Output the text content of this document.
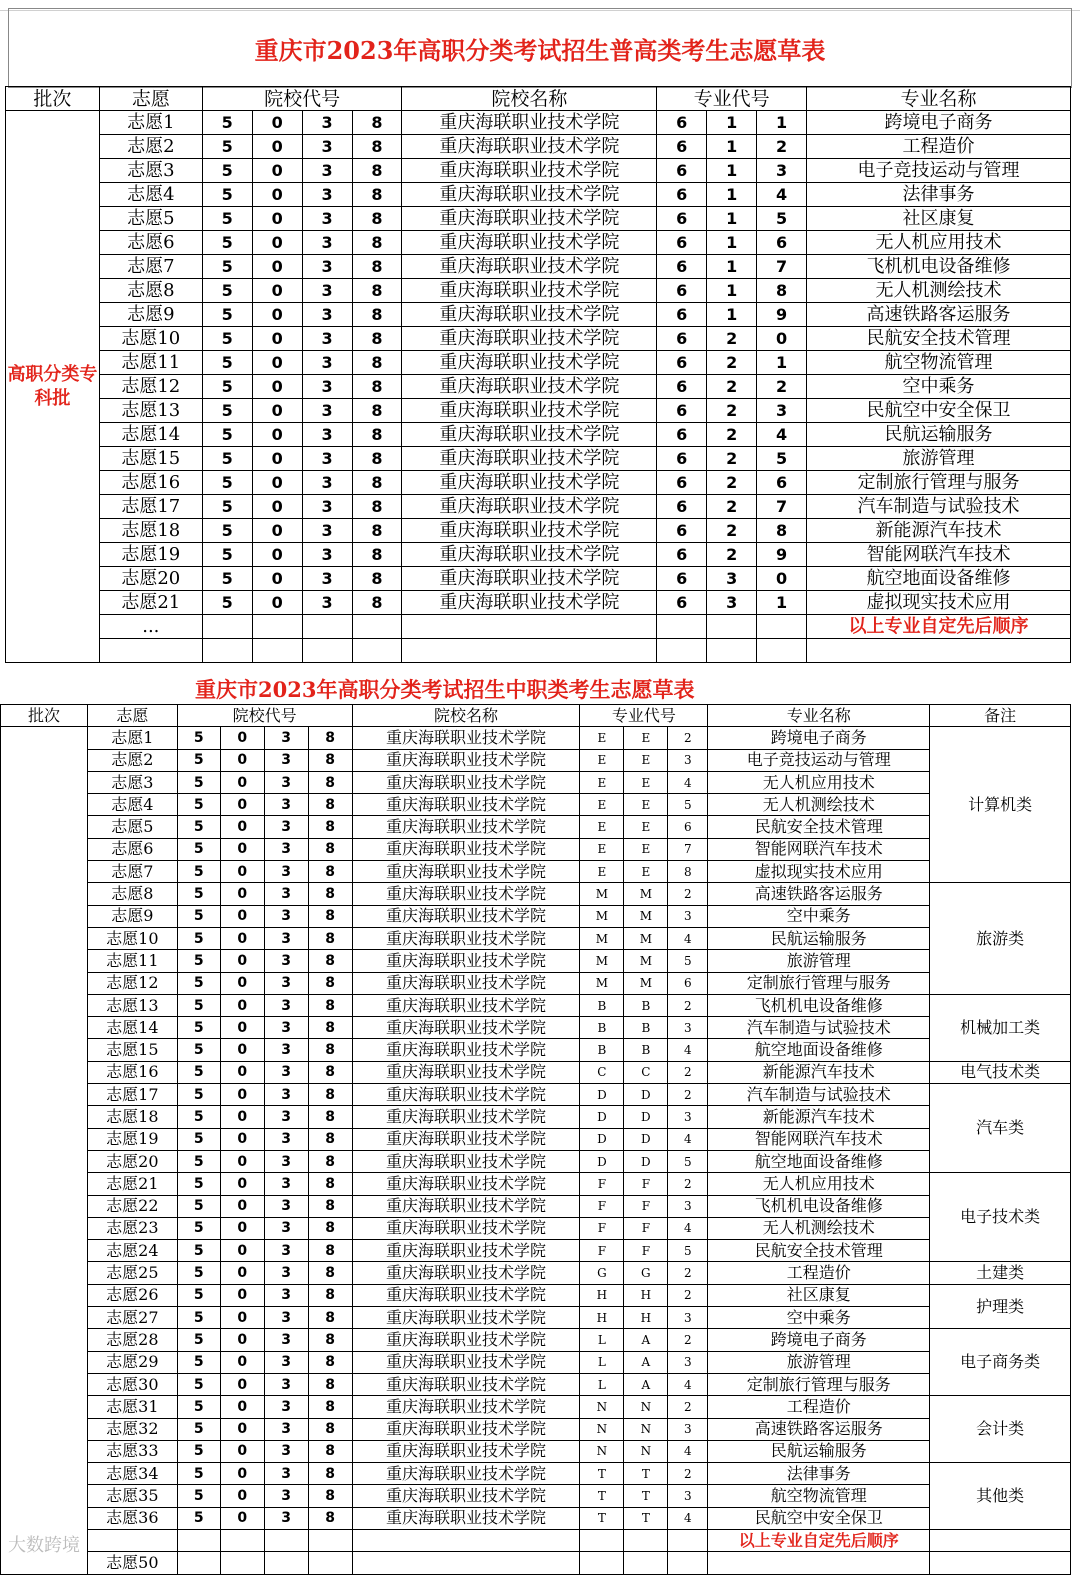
重庆市2023年高职分类考试招生普高类考生志愿草表
批次	志愿	院校代号				院校名称	专业代号			专业名称
高职分类专科批	志愿1	5	0	3	8	重庆海联职业技术学院	6	1	1	跨境电子商务
	志愿2	5	0	3	8	重庆海联职业技术学院	6	1	2	工程造价
	志愿3	5	0	3	8	重庆海联职业技术学院	6	1	3	电子竞技运动与管理
	志愿4	5	0	3	8	重庆海联职业技术学院	6	1	4	法律事务
	志愿5	5	0	3	8	重庆海联职业技术学院	6	1	5	社区康复
	志愿6	5	0	3	8	重庆海联职业技术学院	6	1	6	无人机应用技术
	志愿7	5	0	3	8	重庆海联职业技术学院	6	1	7	飞机机电设备维修
	志愿8	5	0	3	8	重庆海联职业技术学院	6	1	8	无人机测绘技术
	志愿9	5	0	3	8	重庆海联职业技术学院	6	1	9	高速铁路客运服务
	志愿10	5	0	3	8	重庆海联职业技术学院	6	2	0	民航安全技术管理
	志愿11	5	0	3	8	重庆海联职业技术学院	6	2	1	航空物流管理
	志愿12	5	0	3	8	重庆海联职业技术学院	6	2	2	空中乘务
	志愿13	5	0	3	8	重庆海联职业技术学院	6	2	3	民航空中安全保卫
	志愿14	5	0	3	8	重庆海联职业技术学院	6	2	4	民航运输服务
	志愿15	5	0	3	8	重庆海联职业技术学院	6	2	5	旅游管理
	志愿16	5	0	3	8	重庆海联职业技术学院	6	2	6	定制旅行管理与服务
	志愿17	5	0	3	8	重庆海联职业技术学院	6	2	7	汽车制造与试验技术
	志愿18	5	0	3	8	重庆海联职业技术学院	6	2	8	新能源汽车技术
	志愿19	5	0	3	8	重庆海联职业技术学院	6	2	9	智能网联汽车技术
	志愿20	5	0	3	8	重庆海联职业技术学院	6	3	0	航空地面设备维修
	志愿21	5	0	3	8	重庆海联职业技术学院	6	3	1	虚拟现实技术应用
	...									以上专业自定先后顺序

重庆市2023年高职分类考试招生中职类考生志愿草表
批次	志愿	院校代号				院校名称	专业代号			专业名称	备注
	志愿1	5	0	3	8	重庆海联职业技术学院	E	E	2	跨境电子商务	计算机类
	志愿2	5	0	3	8	重庆海联职业技术学院	E	E	3	电子竞技运动与管理	
	志愿3	5	0	3	8	重庆海联职业技术学院	E	E	4	无人机应用技术	
	志愿4	5	0	3	8	重庆海联职业技术学院	E	E	5	无人机测绘技术	
	志愿5	5	0	3	8	重庆海联职业技术学院	E	E	6	民航安全技术管理	
	志愿6	5	0	3	8	重庆海联职业技术学院	E	E	7	智能网联汽车技术	
	志愿7	5	0	3	8	重庆海联职业技术学院	E	E	8	虚拟现实技术应用	
	志愿8	5	0	3	8	重庆海联职业技术学院	M	M	2	高速铁路客运服务	旅游类
	志愿9	5	0	3	8	重庆海联职业技术学院	M	M	3	空中乘务	
	志愿10	5	0	3	8	重庆海联职业技术学院	M	M	4	民航运输服务	
	志愿11	5	0	3	8	重庆海联职业技术学院	M	M	5	旅游管理	
	志愿12	5	0	3	8	重庆海联职业技术学院	M	M	6	定制旅行管理与服务	
	志愿13	5	0	3	8	重庆海联职业技术学院	B	B	2	飞机机电设备维修	机械加工类
	志愿14	5	0	3	8	重庆海联职业技术学院	B	B	3	汽车制造与试验技术	
	志愿15	5	0	3	8	重庆海联职业技术学院	B	B	4	航空地面设备维修	
	志愿16	5	0	3	8	重庆海联职业技术学院	C	C	2	新能源汽车技术	电气技术类
	志愿17	5	0	3	8	重庆海联职业技术学院	D	D	2	汽车制造与试验技术	汽车类
	志愿18	5	0	3	8	重庆海联职业技术学院	D	D	3	新能源汽车技术	
	志愿19	5	0	3	8	重庆海联职业技术学院	D	D	4	智能网联汽车技术	
	志愿20	5	0	3	8	重庆海联职业技术学院	D	D	5	航空地面设备维修	
	志愿21	5	0	3	8	重庆海联职业技术学院	F	F	2	无人机应用技术	电子技术类
	志愿22	5	0	3	8	重庆海联职业技术学院	F	F	3	飞机机电设备维修	
	志愿23	5	0	3	8	重庆海联职业技术学院	F	F	4	无人机测绘技术	
	志愿24	5	0	3	8	重庆海联职业技术学院	F	F	5	民航安全技术管理	
	志愿25	5	0	3	8	重庆海联职业技术学院	G	G	2	工程造价	土建类
	志愿26	5	0	3	8	重庆海联职业技术学院	H	H	2	社区康复	护理类
	志愿27	5	0	3	8	重庆海联职业技术学院	H	H	3	空中乘务	
	志愿28	5	0	3	8	重庆海联职业技术学院	L	A	2	跨境电子商务	电子商务类
	志愿29	5	0	3	8	重庆海联职业技术学院	L	A	3	旅游管理	
	志愿30	5	0	3	8	重庆海联职业技术学院	L	A	4	定制旅行管理与服务	
	志愿31	5	0	3	8	重庆海联职业技术学院	N	N	2	工程造价	会计类
	志愿32	5	0	3	8	重庆海联职业技术学院	N	N	3	高速铁路客运服务	
	志愿33	5	0	3	8	重庆海联职业技术学院	N	N	4	民航运输服务	
	志愿34	5	0	3	8	重庆海联职业技术学院	T	T	2	法律事务	其他类
	志愿35	5	0	3	8	重庆海联职业技术学院	T	T	3	航空物流管理	
	志愿36	5	0	3	8	重庆海联职业技术学院	T	T	4	民航空中安全保卫	
										以上专业自定先后顺序	
	志愿50										
大数跨境
